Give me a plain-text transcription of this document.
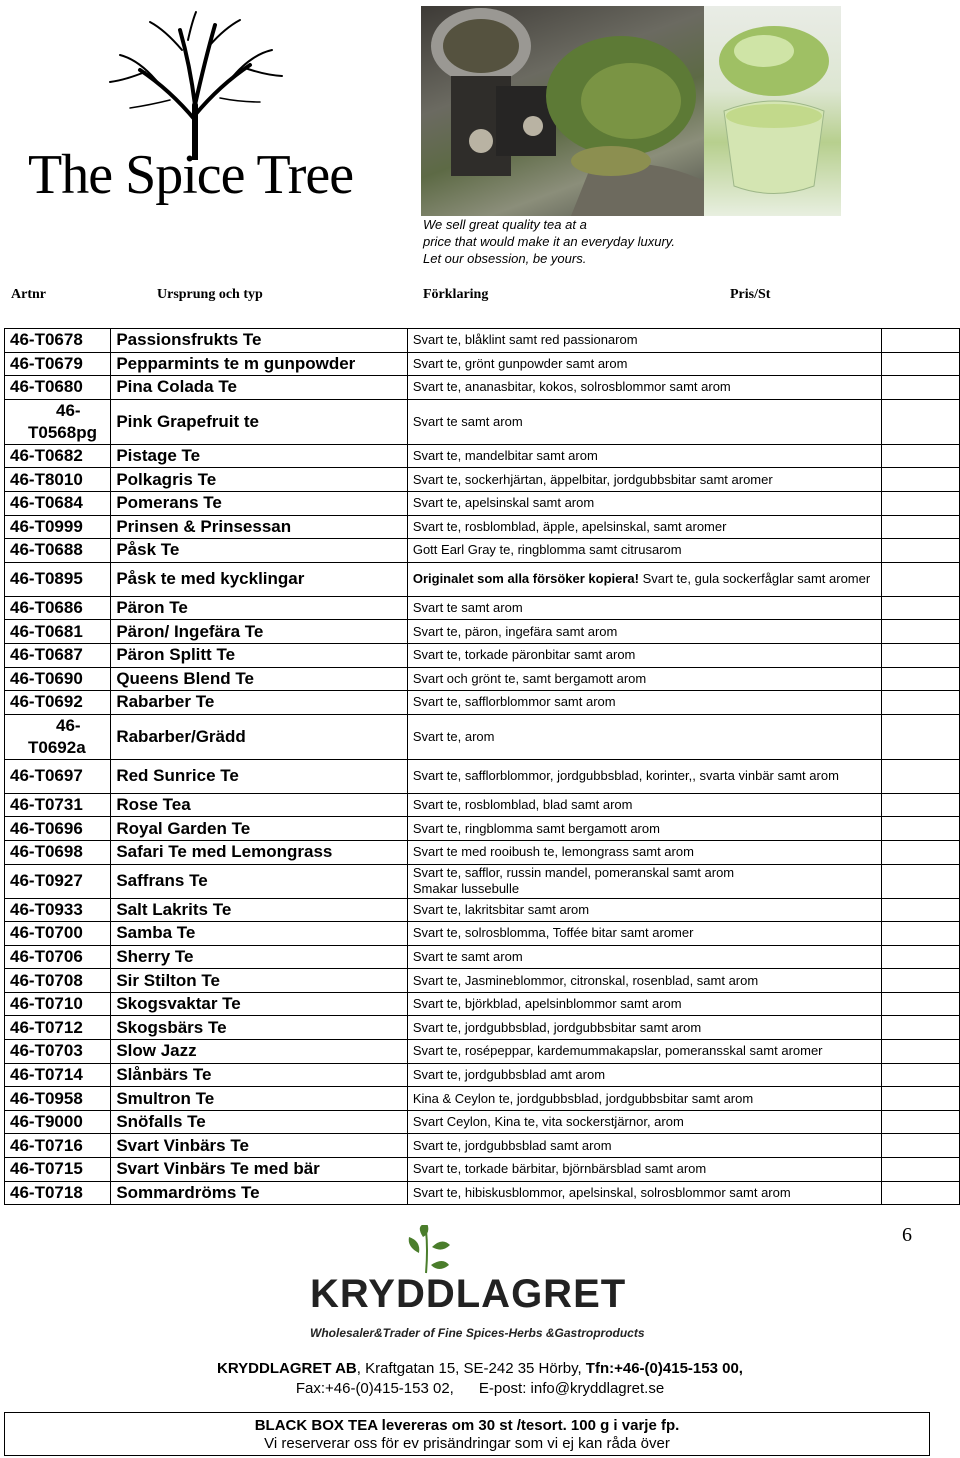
The Spice Tree
We sell great quality tea at a
price that would make it an everyday luxury.
Let our obsession, be yours.
Artnr	Ursprung och typ	Förklaring	Pris/St
46-T0678	Passionsfrukts Te	Svart te, blåklint samt red passionarom	
46-T0679	Pepparmints te m gunpowder	Svart te, grönt gunpowder samt arom	
46-T0680	Pina Colada Te	Svart te, ananasbitar, kokos, solrosblommor samt arom	

46-
T0568pg	Pink Grapefruit te	Svart te samt arom	
46-T0682	Pistage Te	Svart te, mandelbitar samt arom	
46-T8010	Polkagris Te	Svart te, sockerhjärtan, äppelbitar, jordgubbsbitar samt aromer	
46-T0684	Pomerans Te	Svart te, apelsinskal samt arom	
46-T0999	Prinsen & Prinsessan	Svart te, rosblomblad, äpple, apelsinskal, samt aromer	
46-T0688	Påsk Te	Gott Earl Gray te, ringblomma samt citrusarom	
46-T0895	Påsk te med kycklingar	Originalet som alla försöker kopiera! Svart te, gula sockerfåglar samt aromer	
46-T0686	Päron Te	Svart te samt arom	
46-T0681	Päron/ Ingefära Te	Svart te, päron, ingefära samt arom	
46-T0687	Päron Splitt Te	Svart te, torkade päronbitar samt arom	
46-T0690	Queens Blend Te	Svart och grönt te, samt bergamott arom	
46-T0692	Rabarber Te	Svart te, safflorblommor samt arom	

46-
T0692a	Rabarber/Grädd	Svart te, arom	
46-T0697	Red Sunrice Te	Svart te, safflorblommor, jordgubbsblad, korinter,, svarta vinbär samt arom	
46-T0731	Rose Tea	Svart te, rosblomblad, blad samt arom	
46-T0696	Royal Garden Te	Svart te, ringblomma samt bergamott arom	
46-T0698	Safari Te med Lemongrass	Svart te med rooibush te, lemongrass samt arom	
46-T0927	Saffrans Te	Svart te, safflor, russin mandel, pomeranskal samt arom
Smakar lussebulle	
46-T0933	Salt Lakrits Te	Svart te, lakritsbitar samt arom	
46-T0700	Samba Te	Svart te, solrosblomma, Toffée bitar samt aromer	
46-T0706	Sherry Te	Svart te samt arom	
46-T0708	Sir Stilton Te	Svart te, Jasmineblommor, citronskal, rosenblad, samt arom	
46-T0710	Skogsvaktar Te	Svart te, björkblad, apelsinblommor samt arom	
46-T0712	Skogsbärs Te	Svart te, jordgubbsblad, jordgubbsbitar samt arom	
46-T0703	Slow Jazz	Svart te, rosépeppar, kardemummakapslar, pomeransskal samt aromer	
46-T0714	Slånbärs Te	Svart te, jordgubbsblad amt arom	
46-T0958	Smultron Te	Kina & Ceylon te, jordgubbsblad, jordgubbsbitar samt arom	
46-T9000	Snöfalls Te	Svart Ceylon, Kina te, vita sockerstjärnor, arom	
46-T0716	Svart Vinbärs Te	Svart te, jordgubbsblad samt arom	
46-T0715	Svart Vinbärs Te med bär	Svart te, torkade bärbitar, björnbärsblad samt arom	
46-T0718	Sommardröms Te	Svart te, hibiskusblommor, apelsinskal, solrosblommor samt arom	
6
KRYDDLAGRET
Wholesaler&Trader of Fine Spices-Herbs &Gastroproducts
KRYDDLAGRET AB, Kraftgatan 15, SE-242 35 Hörby, Tfn:+46-(0)415-153 00,
Fax:+46-(0)415-153 02,      E-post: info@kryddlagret.se
BLACK BOX TEA levereras om 30 st /tesort. 100 g i varje fp.
Vi reserverar oss för ev prisändringar som vi ej kan råda över
